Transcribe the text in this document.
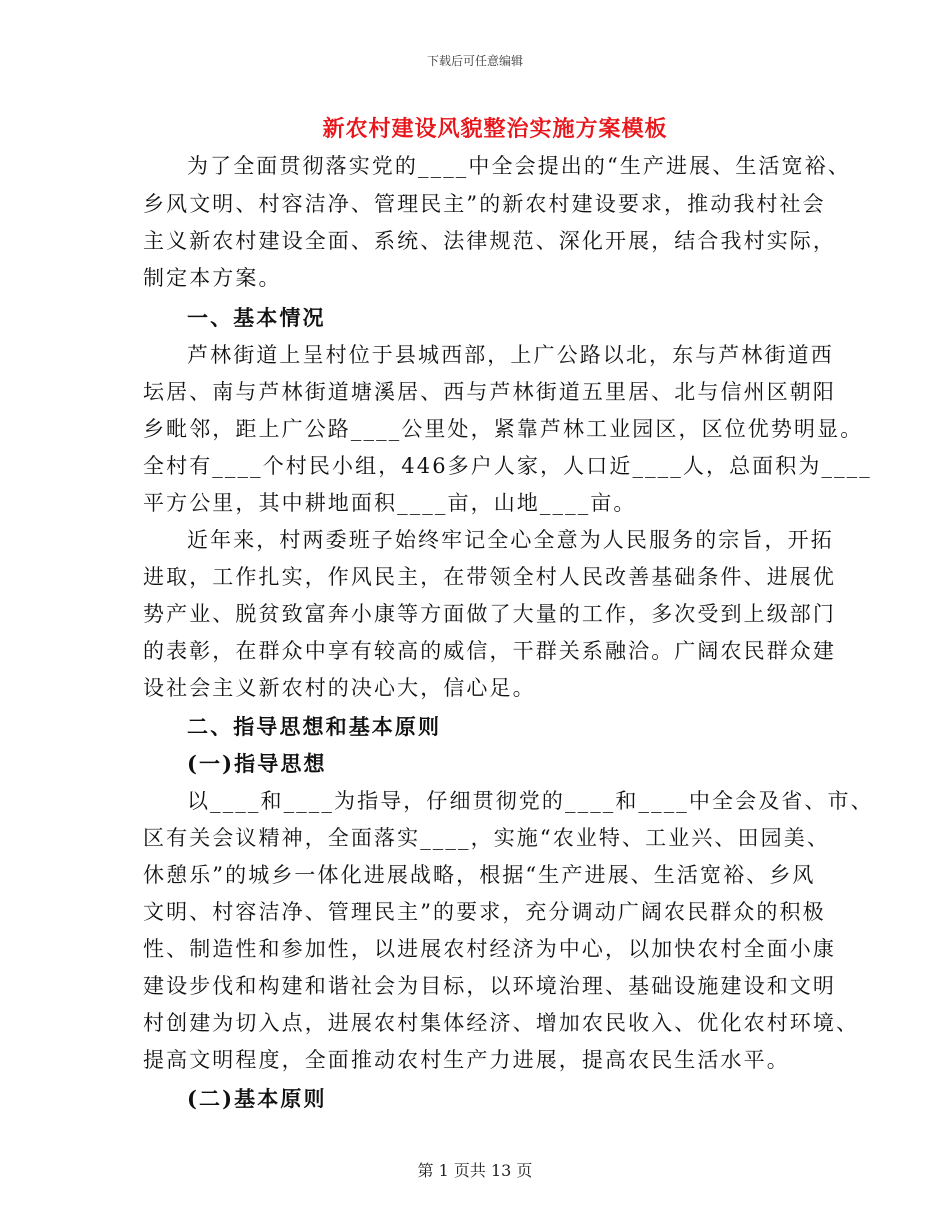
下载后可任意编辑
新农村建设风貌整治实施方案模板
为了全面贯彻落实党的____中全会提出的“生产进展、生活宽裕、
乡风文明、村容洁净、管理民主”的新农村建设要求，推动我村社会
主义新农村建设全面、系统、法律规范、深化开展，结合我村实际，
制定本方案。
一、基本情况
芦林街道上呈村位于县城西部，上广公路以北，东与芦林街道西
坛居、南与芦林街道塘溪居、西与芦林街道五里居、北与信州区朝阳
乡毗邻，距上广公路____公里处，紧靠芦林工业园区，区位优势明显。
全村有____个村民小组，446多户人家，人口近____人，总面积为____
平方公里，其中耕地面积____亩，山地____亩。
近年来，村两委班子始终牢记全心全意为人民服务的宗旨，开拓
进取，工作扎实，作风民主，在带领全村人民改善基础条件、进展优
势产业、脱贫致富奔小康等方面做了大量的工作，多次受到上级部门
的表彰，在群众中享有较高的威信，干群关系融洽。广阔农民群众建
设社会主义新农村的决心大，信心足。
二、指导思想和基本原则
(一)指导思想
以____和____为指导，仔细贯彻党的____和____中全会及省、市、
区有关会议精神，全面落实____，实施“农业特、工业兴、田园美、
休憩乐”的城乡一体化进展战略，根据“生产进展、生活宽裕、乡风
文明、村容洁净、管理民主”的要求，充分调动广阔农民群众的积极
性、制造性和参加性，以进展农村经济为中心，以加快农村全面小康
建设步伐和构建和谐社会为目标，以环境治理、基础设施建设和文明
村创建为切入点，进展农村集体经济、增加农民收入、优化农村环境、
提高文明程度，全面推动农村生产力进展，提高农民生活水平。
(二)基本原则
第 1 页共 13 页
